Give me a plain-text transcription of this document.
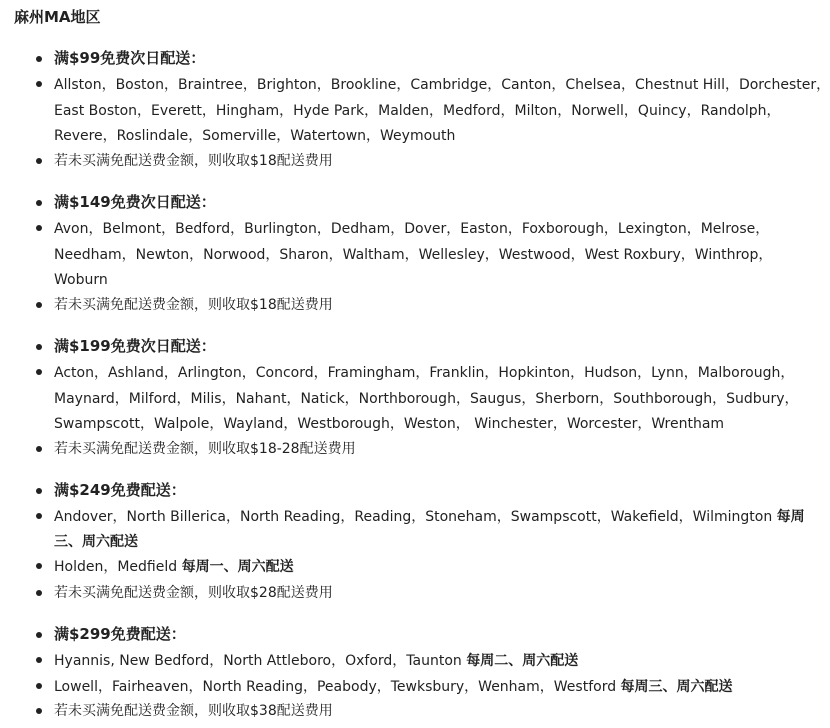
麻州MA地区
满$99免费次日配送：
Allston，Boston，Braintree，Brighton，Brookline，Cambridge，Canton，Chelsea，Chestnut Hill，Dorchester，
East Boston，Everett，Hingham，Hyde Park，Malden，Medford，Milton，Norwell，Quincy，Randolph，
Revere，Roslindale，Somerville，Watertown，Weymouth
若未买满免配送费金额，则收取$18配送费用
满$149免费次日配送：
Avon，Belmont，Bedford，Burlington，Dedham，Dover，Easton，Foxborough，Lexington，Melrose，
Needham，Newton，Norwood，Sharon，Waltham，Wellesley，Westwood，West Roxbury，Winthrop，
Woburn
若未买满免配送费金额，则收取$18配送费用
满$199免费次日配送：
Acton，Ashland，Arlington，Concord，Framingham，Franklin，Hopkinton，Hudson，Lynn，Malborough，
Maynard，Milford，Milis，Nahant，Natick，Northborough，Saugus，Sherborn，Southborough，Sudbury，
Swampscott，Walpole，Wayland，Westborough，Weston， Winchester，Worcester，Wrentham
若未买满免配送费金额，则收取$18-28配送费用
满$249免费配送：
Andover，North Billerica，North Reading，Reading，Stoneham，Swampscott，Wakefield，Wilmington 每周
三、周六配送
Holden，Medfield 每周一、周六配送
若未买满免配送费金额，则收取$28配送费用
满$299免费配送：
Hyannis, New Bedford，North Attleboro，Oxford，Taunton 每周二、周六配送
Lowell，Fairheaven，North Reading，Peabody，Tewksbury，Wenham，Westford 每周三、周六配送
若未买满免配送费金额，则收取$38配送费用
